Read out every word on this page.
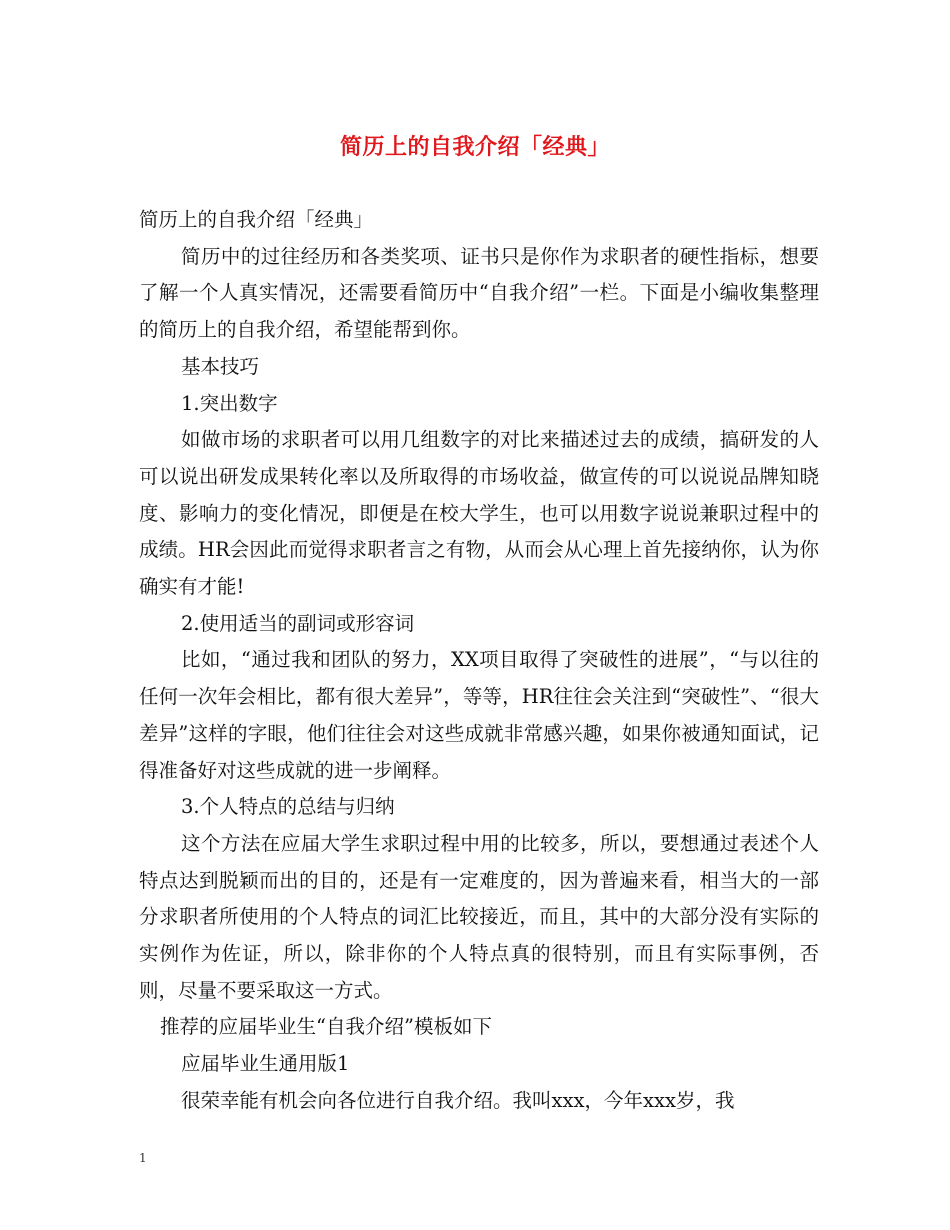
简历上的自我介绍「经典」

简历上的自我介绍「经典」

简历中的过往经历和各类奖项、证书只是你作为求职者的硬性指标，想要了解一个人真实情况，还需要看简历中“自我介绍”一栏。下面是小编收集整理的简历上的自我介绍，希望能帮到你。

基本技巧

1.突出数字

如做市场的求职者可以用几组数字的对比来描述过去的成绩，搞研发的人可以说出研发成果转化率以及所取得的市场收益，做宣传的可以说说品牌知晓度、影响力的变化情况，即便是在校大学生，也可以用数字说说兼职过程中的成绩。HR会因此而觉得求职者言之有物，从而会从心理上首先接纳你，认为你确实有才能!

2.使用适当的副词或形容词

比如，“通过我和团队的努力，XX项目取得了突破性的进展”，“与以往的任何一次年会相比，都有很大差异”，等等，HR往往会关注到“突破性”、“很大差异”这样的字眼，他们往往会对这些成就非常感兴趣，如果你被通知面试，记得准备好对这些成就的进一步阐释。

3.个人特点的总结与归纳

这个方法在应届大学生求职过程中用的比较多，所以，要想通过表述个人特点达到脱颖而出的目的，还是有一定难度的，因为普遍来看，相当大的一部分求职者所使用的个人特点的词汇比较接近，而且，其中的大部分没有实际的实例作为佐证，所以，除非你的个人特点真的很特别，而且有实际事例，否则，尽量不要采取这一方式。

推荐的应届毕业生“自我介绍”模板如下

应届毕业生通用版1

很荣幸能有机会向各位进行自我介绍。我叫xxx，今年xxx岁，我

1
